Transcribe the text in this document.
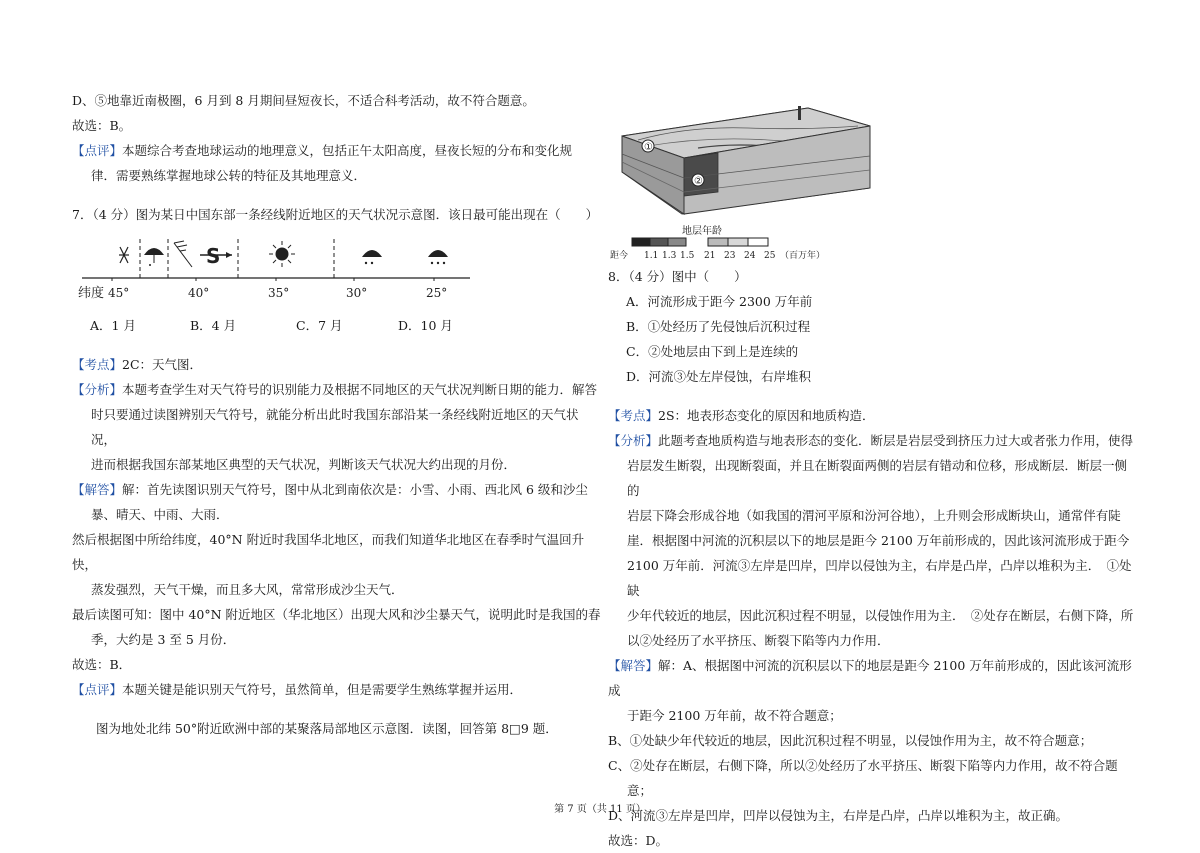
D、⑤地靠近南极圈，6 月到 8 月期间昼短夜长，不适合科考活动，故不符合题意。

故选：B。

【点评】本题综合考查地球运动的地理意义，包括正午太阳高度，昼夜长短的分布和变化规

律．需要熟练掌握地球公转的特征及其地理意义．

7．（4 分）图为某日中国东部一条经线附近地区的天气状况示意图．该日最可能出现在（　　）

S
纬度 45°	40°	35°	30°	25°
A．1 月	B．4 月	C．7 月	D．10 月

【考点】2C：天气图．

【分析】本题考查学生对天气符号的识别能力及根据不同地区的天气状况判断日期的能力．解答

时只要通过读图辨别天气符号，就能分析出此时我国东部沿某一条经线附近地区的天气状况，

进而根据我国东部某地区典型的天气状况，判断该天气状况大约出现的月份．

【解答】解：首先读图识别天气符号，图中从北到南依次是：小雪、小雨、西北风 6 级和沙尘

暴、晴天、中雨、大雨．

然后根据图中所给纬度，40°N 附近时我国华北地区，而我们知道华北地区在春季时气温回升快，

蒸发强烈，天气干燥，而且多大风，常常形成沙尘天气．

最后读图可知：图中 40°N 附近地区（华北地区）出现大风和沙尘暴天气，说明此时是我国的春

季，大约是 3 至 5 月份．

故选：B．

【点评】本题关键是能识别天气符号，虽然简单，但是需要学生熟练掌握并运用．

图为地处北纬 50°附近欧洲中部的某聚落局部地区示意图．读图，回答第 8□9 题．

①
②
地层年龄
距今 1.1 1.3 1.5 21 23 24 25 （百万年）

8．（4 分）图中（　　）

A．河流形成于距今 2300 万年前

B．①处经历了先侵蚀后沉积过程

C．②处地层由下到上是连续的

D．河流③处左岸侵蚀，右岸堆积

【考点】2S：地表形态变化的原因和地质构造．

【分析】此题考查地质构造与地表形态的变化．断层是岩层受到挤压力过大或者张力作用，使得

岩层发生断裂，出现断裂面，并且在断裂面两侧的岩层有错动和位移，形成断层．断层一侧的

岩层下降会形成谷地（如我国的渭河平原和汾河谷地），上升则会形成断块山，通常伴有陡

崖．根据图中河流的沉积层以下的地层是距今 2100 万年前形成的，因此该河流形成于距今

2100 万年前．河流③左岸是凹岸，凹岸以侵蚀为主，右岸是凸岸，凸岸以堆积为主．　①处缺

少年代较近的地层，因此沉积过程不明显，以侵蚀作用为主．　②处存在断层，右侧下降，所

以②处经历了水平挤压、断裂下陷等内力作用．

【解答】解：A、根据图中河流的沉积层以下的地层是距今 2100 万年前形成的，因此该河流形成

于距今 2100 万年前，故不符合题意；

B、①处缺少年代较近的地层，因此沉积过程不明显，以侵蚀作用为主，故不符合题意；

C、②处存在断层，右侧下降，所以②处经历了水平挤压、断裂下陷等内力作用，故不符合题

意；

D、河流③左岸是凹岸，凹岸以侵蚀为主，右岸是凸岸，凸岸以堆积为主，故正确。

故选：D。

第 7 页（共 11 页）
